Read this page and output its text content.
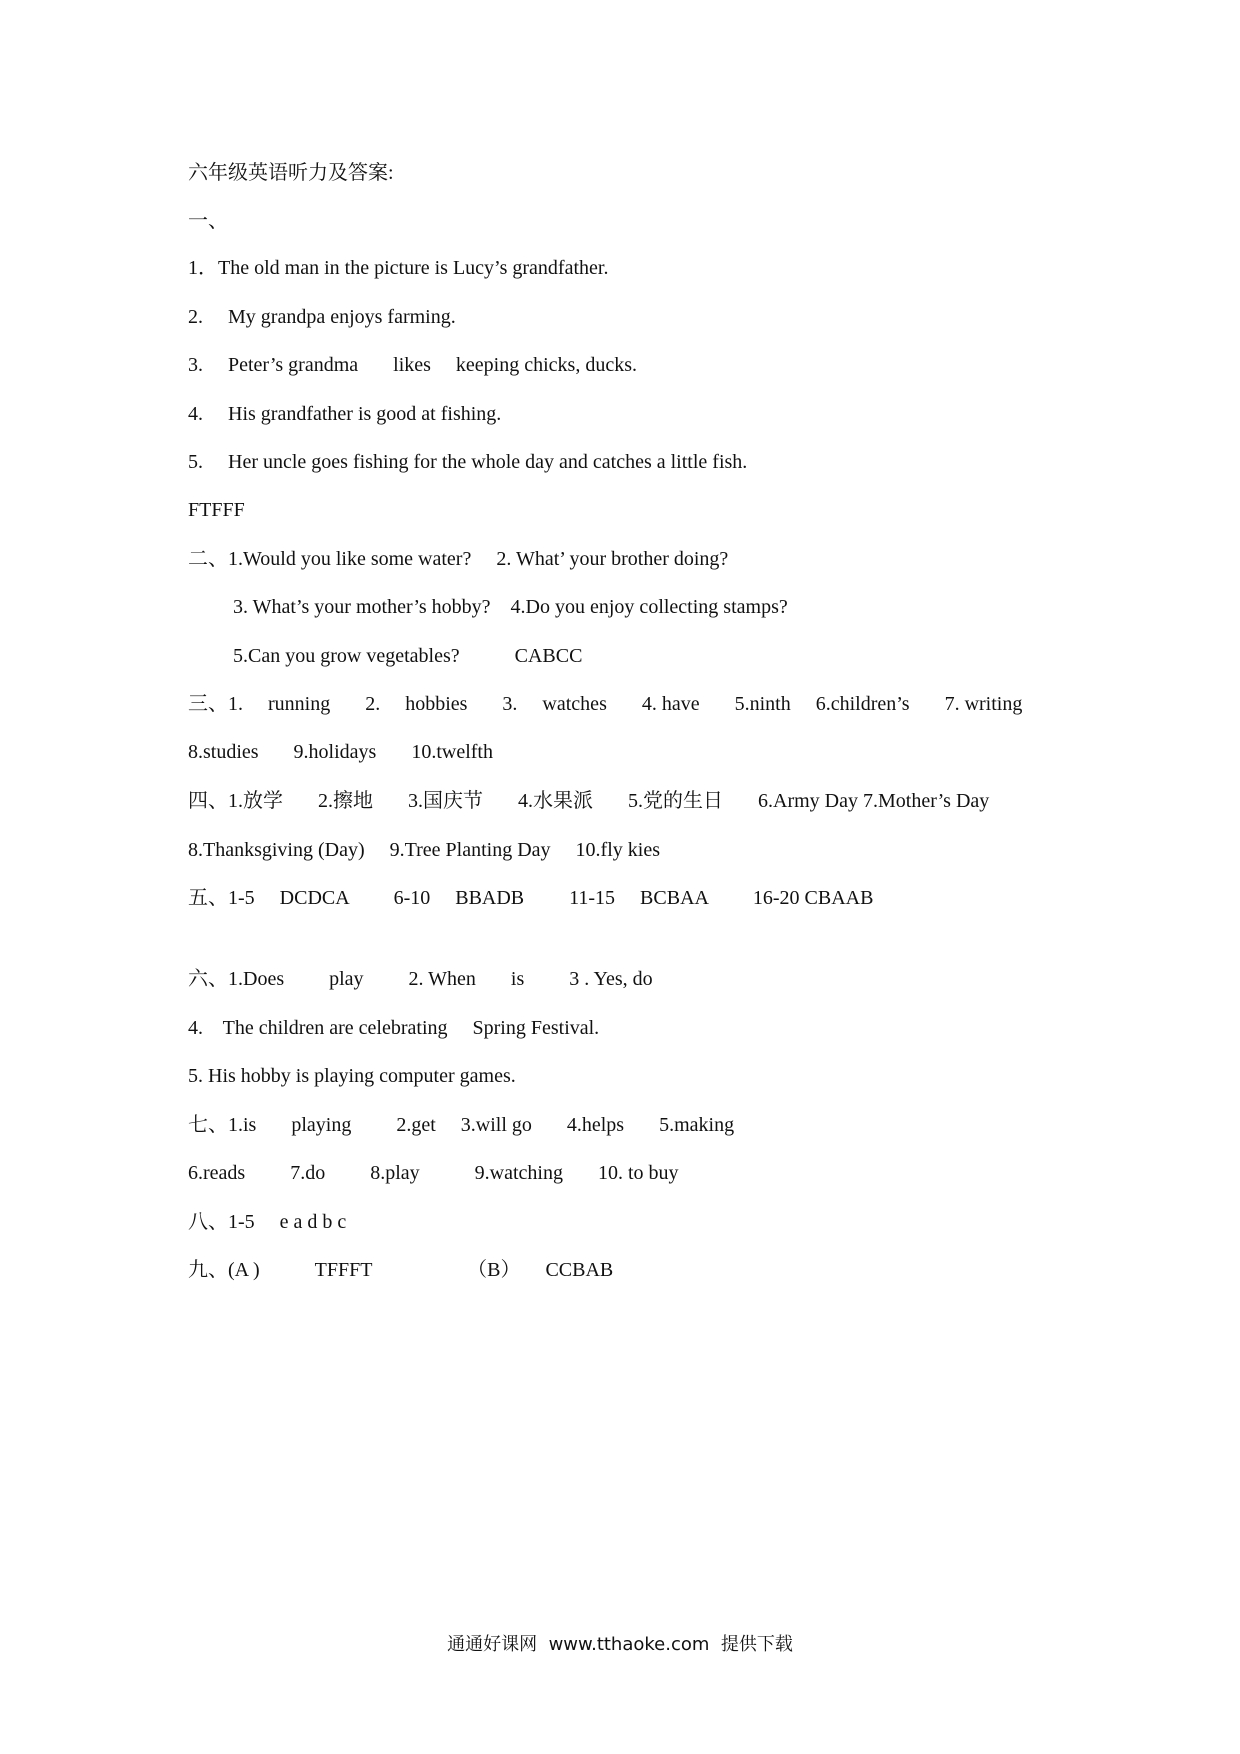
六年级英语听力及答案:
一、
1．The old man in the picture is Lucy’s grandfather.
2.     My grandpa enjoys farming.
3.     Peter’s grandma       likes     keeping chicks, ducks.
4.     His grandfather is good at fishing.
5.     Her uncle goes fishing for the whole day and catches a little fish.
FTFFF
二、1.Would you like some water?     2. What’ your brother doing?
3. What’s your mother’s hobby?    4.Do you enjoy collecting stamps?
5.Can you grow vegetables?           CABCC
三、1.     running       2.     hobbies       3.     watches       4. have       5.ninth     6.children’s       7. writing
8.studies       9.holidays       10.twelfth
四、1.放学       2.擦地       3.国庆节       4.水果派       5.党的生日       6.Army Day 7.Mother’s Day
8.Thanksgiving (Day)     9.Tree Planting Day     10.fly kies
五、1-5     DCDCA         6-10     BBADB         11-15     BCBAA         16-20 CBAAB
六、1.Does         play         2. When       is         3 . Yes, do
4.    The children are celebrating     Spring Festival.
5. His hobby is playing computer games.
七、1.is       playing         2.get     3.will go       4.helps       5.making
6.reads         7.do         8.play           9.watching       10. to buy
八、1-5     e a d b c
九、(A )           TFFFT                   （B）     CCBAB
通通好课网  www.tthaoke.com  提供下载
